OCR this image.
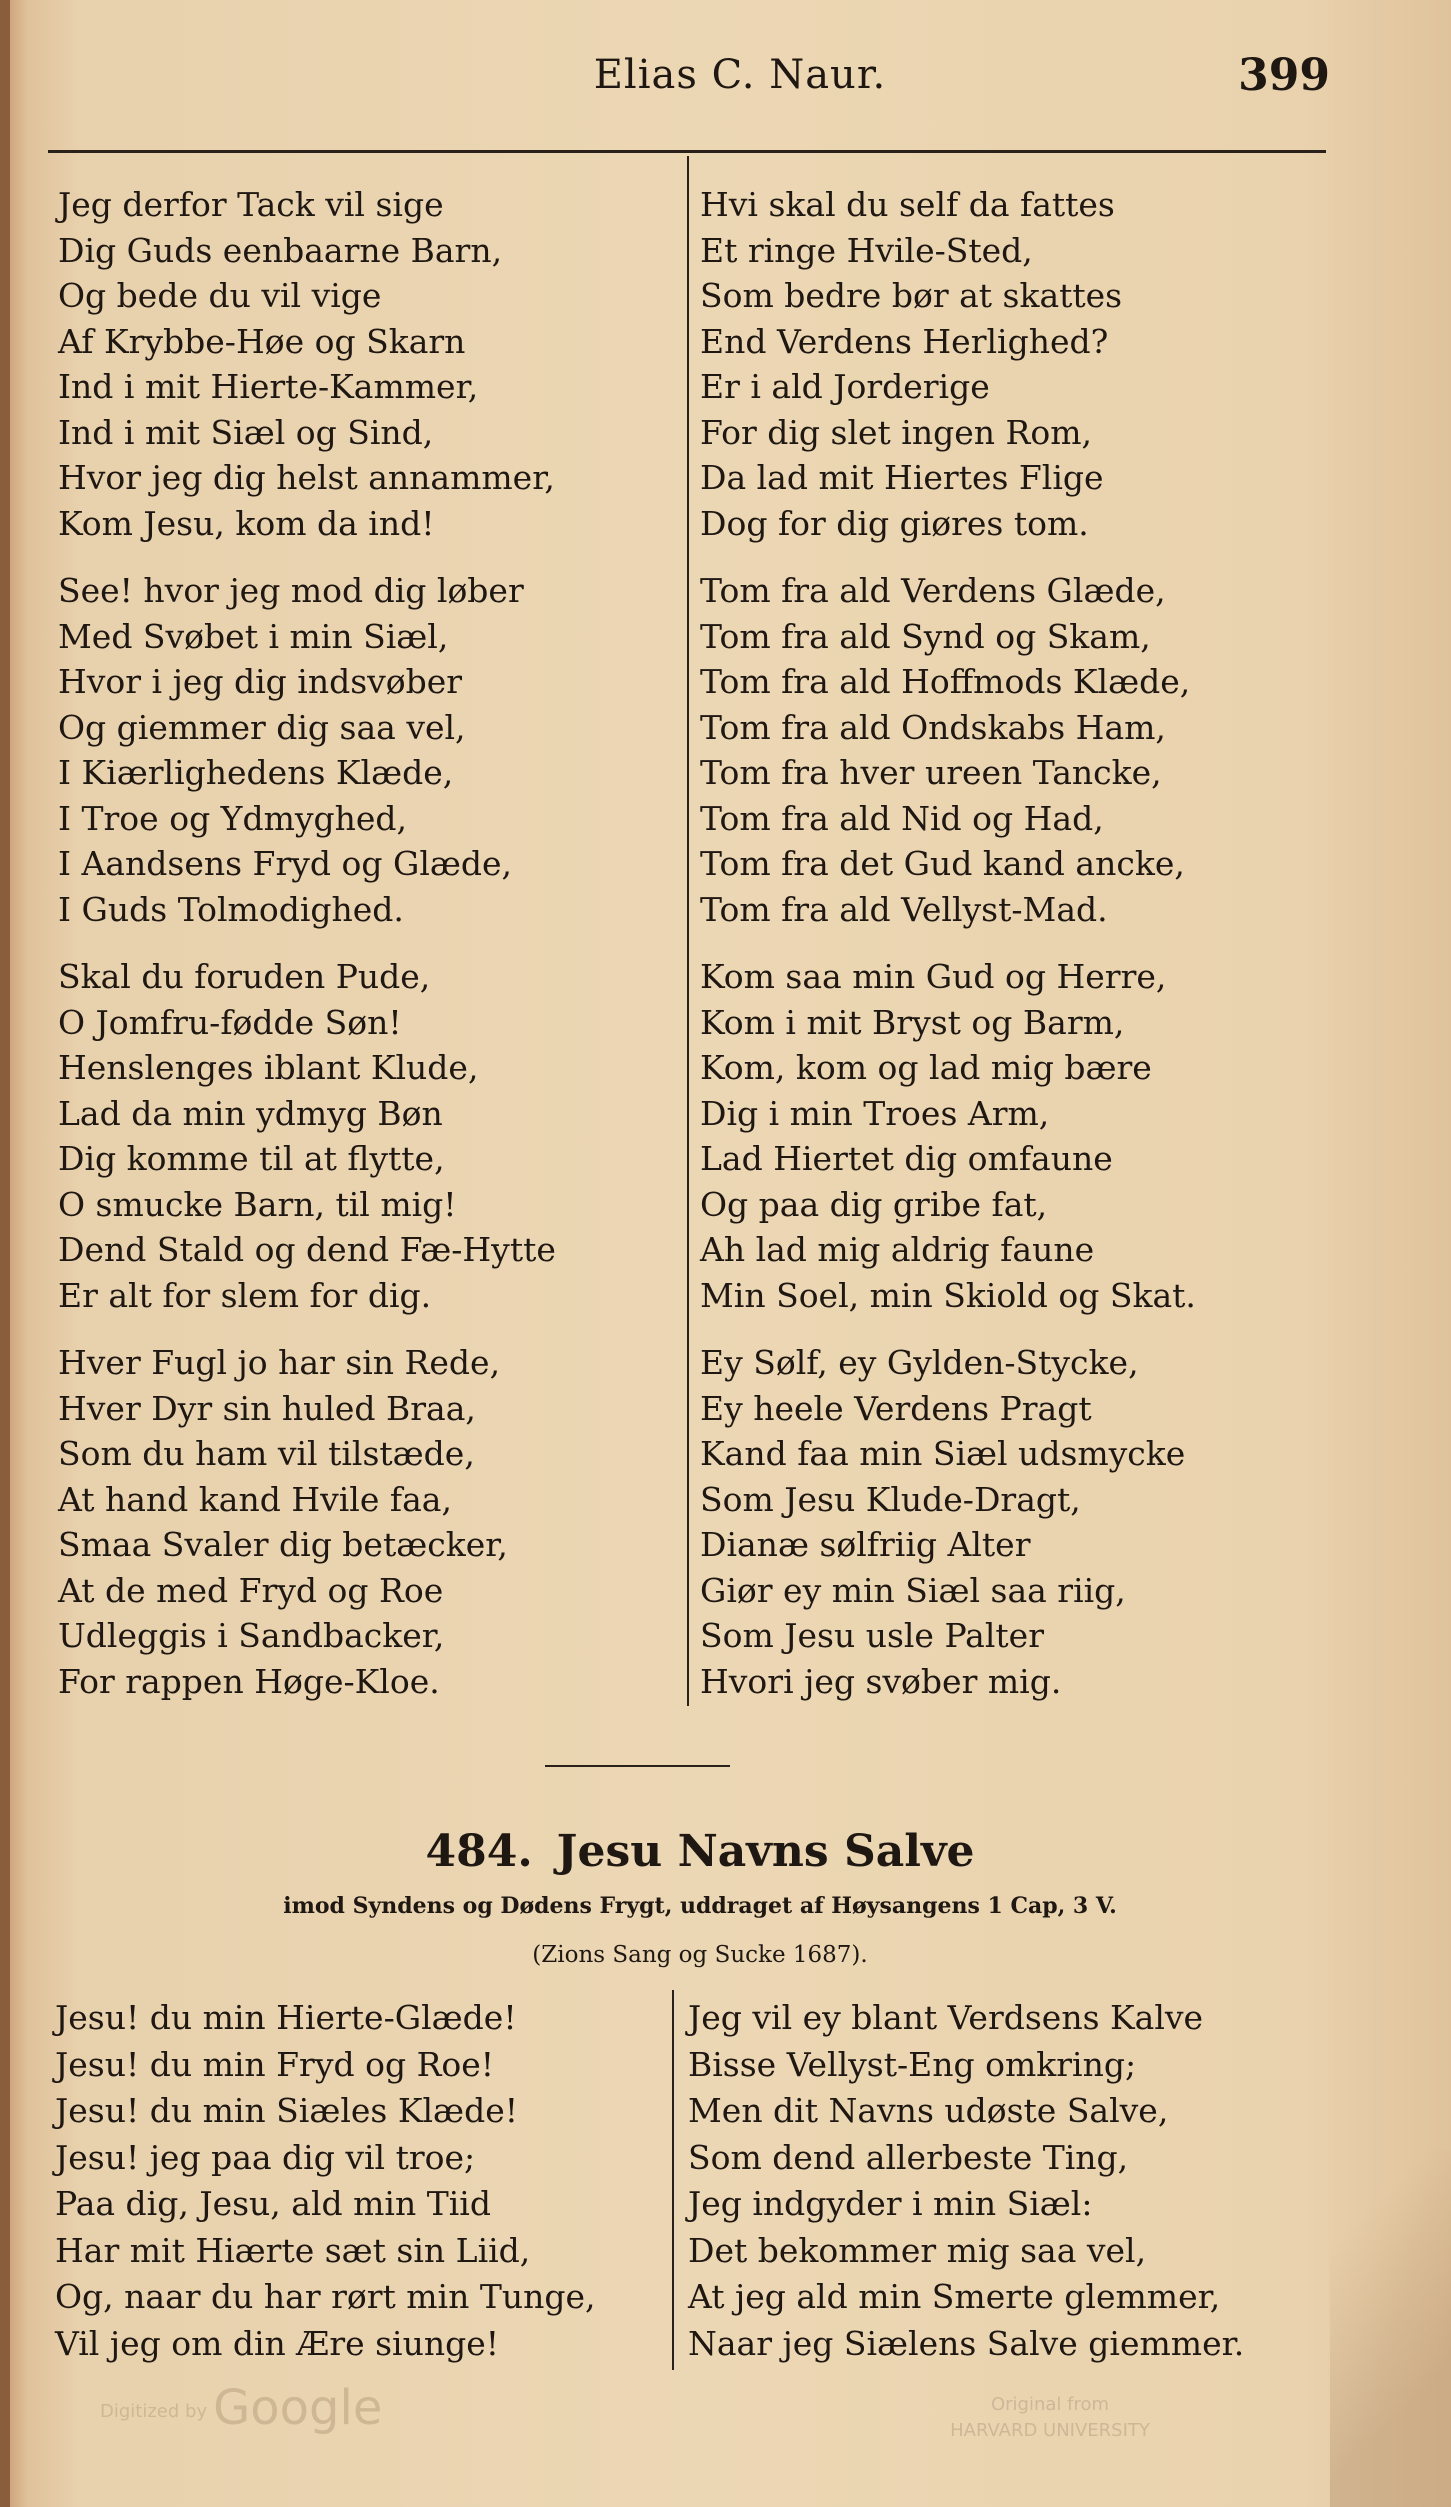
Elias C. Naur.	399
Jeg derfor Tack vil sige
Dig Guds eenbaarne Barn,
Og bede du vil vige
Af Krybbe-Høe og Skarn
Ind i mit Hierte-Kammer,
Ind i mit Siæl og Sind,
Hvor jeg dig helst annammer,
Kom Jesu, kom da ind!
See! hvor jeg mod dig løber
Med Svøbet i min Siæl,
Hvor i jeg dig indsvøber
Og giemmer dig saa vel,
I Kiærlighedens Klæde,
I Troe og Ydmyghed,
I Aandsens Fryd og Glæde,
I Guds Tolmodighed.
Skal du foruden Pude,
O Jomfru-fødde Søn!
Henslenges iblant Klude,
Lad da min ydmyg Bøn
Dig komme til at flytte,
O smucke Barn, til mig!
Dend Stald og dend Fæ-Hytte
Er alt for slem for dig.
Hver Fugl jo har sin Rede,
Hver Dyr sin huled Braa,
Som du ham vil tilstæde,
At hand kand Hvile faa,
Smaa Svaler dig betæcker,
At de med Fryd og Roe
Udleggis i Sandbacker,
For rappen Høge-Kloe.
Hvi skal du self da fattes
Et ringe Hvile-Sted,
Som bedre bør at skattes
End Verdens Herlighed?
Er i ald Jorderige
For dig slet ingen Rom,
Da lad mit Hiertes Flige
Dog for dig giøres tom.
Tom fra ald Verdens Glæde,
Tom fra ald Synd og Skam,
Tom fra ald Hoffmods Klæde,
Tom fra ald Ondskabs Ham,
Tom fra hver ureen Tancke,
Tom fra ald Nid og Had,
Tom fra det Gud kand ancke,
Tom fra ald Vellyst-Mad.
Kom saa min Gud og Herre,
Kom i mit Bryst og Barm,
Kom, kom og lad mig bære
Dig i min Troes Arm,
Lad Hiertet dig omfaune
Og paa dig gribe fat,
Ah lad mig aldrig faune
Min Soel, min Skiold og Skat.
Ey Sølf, ey Gylden-Stycke,
Ey heele Verdens Pragt
Kand faa min Siæl udsmycke
Som Jesu Klude-Dragt,
Dianæ sølfriig Alter
Giør ey min Siæl saa riig,
Som Jesu usle Palter
Hvori jeg svøber mig.
484. Jesu Navns Salve
imod Syndens og Dødens Frygt, uddraget af Høysangens 1 Cap, 3 V.
(Zions Sang og Sucke 1687).
Jesu! du min Hierte-Glæde!
Jesu! du min Fryd og Roe!
Jesu! du min Siæles Klæde!
Jesu! jeg paa dig vil troe;
Paa dig, Jesu, ald min Tiid
Har mit Hiærte sæt sin Liid,
Og, naar du har rørt min Tunge,
Vil jeg om din Ære siunge!
Jeg vil ey blant Verdsens Kalve
Bisse Vellyst-Eng omkring;
Men dit Navns udøste Salve,
Som dend allerbeste Ting,
Jeg indgyder i min Siæl:
Det bekommer mig saa vel,
At jeg ald min Smerte glemmer,
Naar jeg Siælens Salve giemmer.
Digitized by Google	Original from
HARVARD UNIVERSITY
